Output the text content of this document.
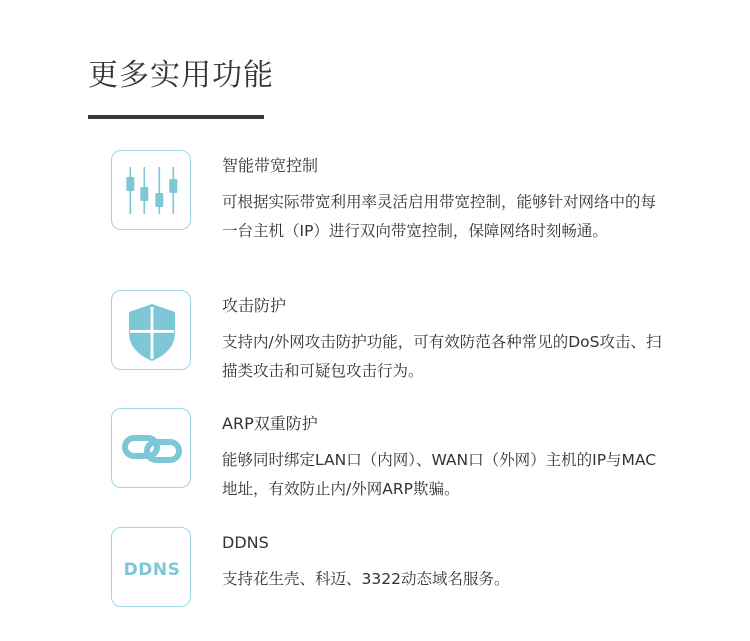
更多实用功能
智能带宽控制
可根据实际带宽利用率灵活启用带宽控制，能够针对网络中的每一台主机（IP）进行双向带宽控制，保障网络时刻畅通。
攻击防护
支持内/外网攻击防护功能，可有效防范各种常见的DoS攻击、扫描类攻击和可疑包攻击行为。
ARP双重防护
能够同时绑定LAN口（内网）、WAN口（外网）主机的IP与MAC地址，有效防止内/外网ARP欺骗。
DDNS
DDNS
支持花生壳、科迈、3322动态域名服务。
